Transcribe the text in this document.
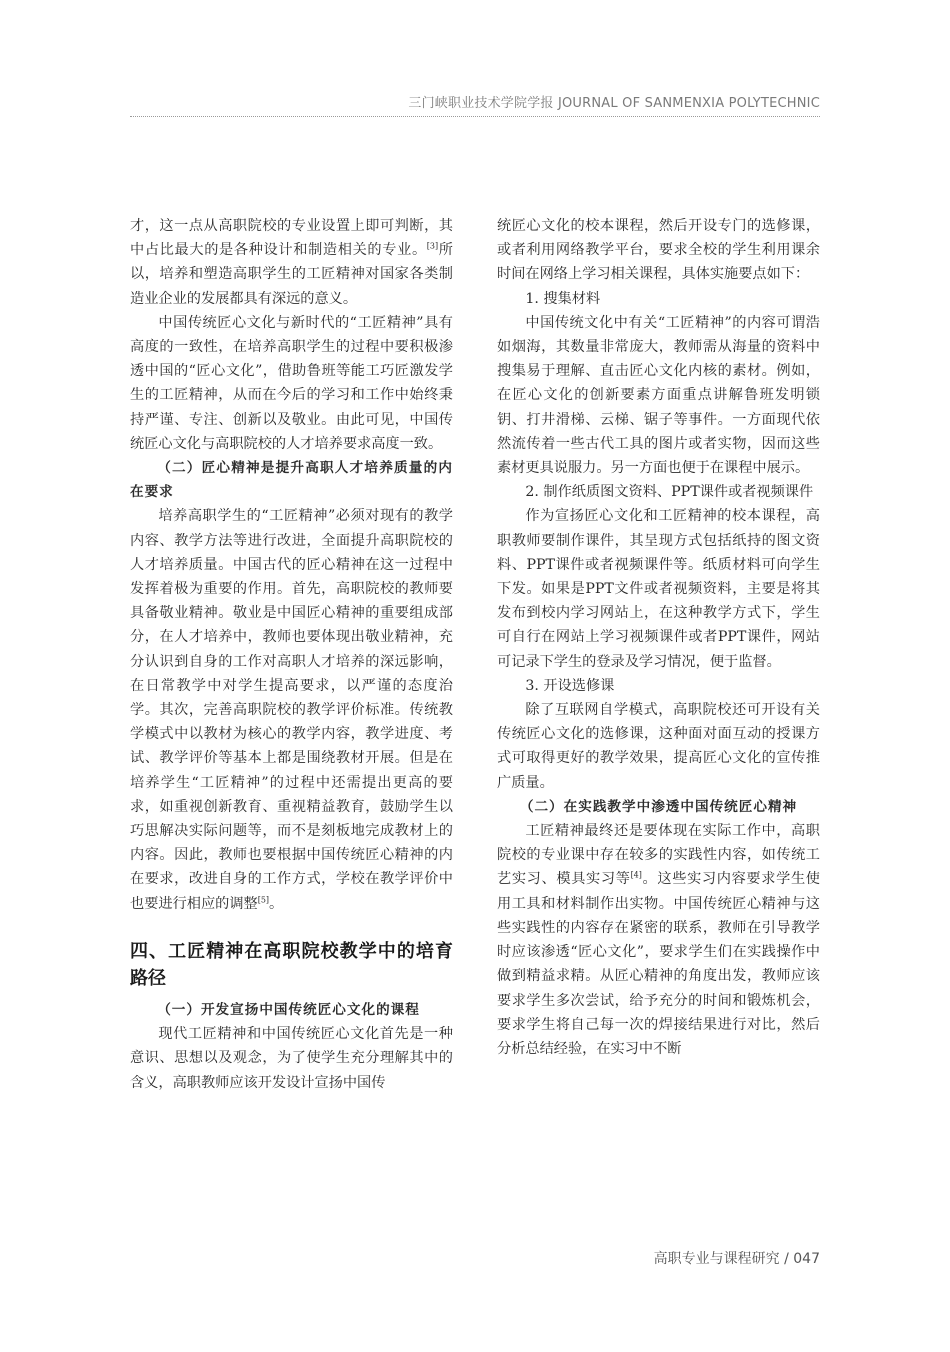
三门峡职业技术学院学报 JOURNAL OF SANMENXIA POLYTECHNIC

才，这一点从高职院校的专业设置上即可判断，其中占比最大的是各种设计和制造相关的专业。[3]所以，培养和塑造高职学生的工匠精神对国家各类制造业企业的发展都具有深远的意义。

中国传统匠心文化与新时代的“工匠精神”具有高度的一致性，在培养高职学生的过程中要积极渗透中国的“匠心文化”，借助鲁班等能工巧匠激发学生的工匠精神，从而在今后的学习和工作中始终秉持严谨、专注、创新以及敬业。由此可见，中国传统匠心文化与高职院校的人才培养要求高度一致。

（二）匠心精神是提升高职人才培养质量的内在要求

培养高职学生的“工匠精神”必须对现有的教学内容、教学方法等进行改进，全面提升高职院校的人才培养质量。中国古代的匠心精神在这一过程中发挥着极为重要的作用。首先，高职院校的教师要具备敬业精神。敬业是中国匠心精神的重要组成部分，在人才培养中，教师也要体现出敬业精神，充分认识到自身的工作对高职人才培养的深远影响，在日常教学中对学生提高要求，以严谨的态度治学。其次，完善高职院校的教学评价标准。传统教学模式中以教材为核心的教学内容，教学进度、考试、教学评价等基本上都是围绕教材开展。但是在培养学生“工匠精神”的过程中还需提出更高的要求，如重视创新教育、重视精益教育，鼓励学生以巧思解决实际问题等，而不是刻板地完成教材上的内容。因此，教师也要根据中国传统匠心精神的内在要求，改进自身的工作方式，学校在教学评价中也要进行相应的调整[5]。

四、工匠精神在高职院校教学中的培育路径

（一）开发宣扬中国传统匠心文化的课程

现代工匠精神和中国传统匠心文化首先是一种意识、思想以及观念，为了使学生充分理解其中的含义，高职教师应该开发设计宣扬中国传

统匠心文化的校本课程，然后开设专门的选修课，或者利用网络教学平台，要求全校的学生利用课余时间在网络上学习相关课程，具体实施要点如下：

1. 搜集材料

中国传统文化中有关“工匠精神”的内容可谓浩如烟海，其数量非常庞大，教师需从海量的资料中搜集易于理解、直击匠心文化内核的素材。例如，在匠心文化的创新要素方面重点讲解鲁班发明锁钥、打井滑梯、云梯、锯子等事件。一方面现代依然流传着一些古代工具的图片或者实物，因而这些素材更具说服力。另一方面也便于在课程中展示。

2. 制作纸质图文资料、PPT课件或者视频课件

作为宣扬匠心文化和工匠精神的校本课程，高职教师要制作课件，其呈现方式包括纸持的图文资料、PPT课件或者视频课件等。纸质材料可向学生下发。如果是PPT文件或者视频资料，主要是将其发布到校内学习网站上，在这种教学方式下，学生可自行在网站上学习视频课件或者PPT课件，网站可记录下学生的登录及学习情况，便于监督。

3. 开设选修课

除了互联网自学模式，高职院校还可开设有关传统匠心文化的选修课，这种面对面互动的授课方式可取得更好的教学效果，提高匠心文化的宣传推广质量。

（二）在实践教学中渗透中国传统匠心精神

工匠精神最终还是要体现在实际工作中，高职院校的专业课中存在较多的实践性内容，如传统工艺实习、模具实习等[4]。这些实习内容要求学生使用工具和材料制作出实物。中国传统匠心精神与这些实践性的内容存在紧密的联系，教师在引导教学时应该渗透“匠心文化”，要求学生们在实践操作中做到精益求精。从匠心精神的角度出发，教师应该要求学生多次尝试，给予充分的时间和锻炼机会，要求学生将自己每一次的焊接结果进行对比，然后分析总结经验，在实习中不断

高职专业与课程研究 / 047
